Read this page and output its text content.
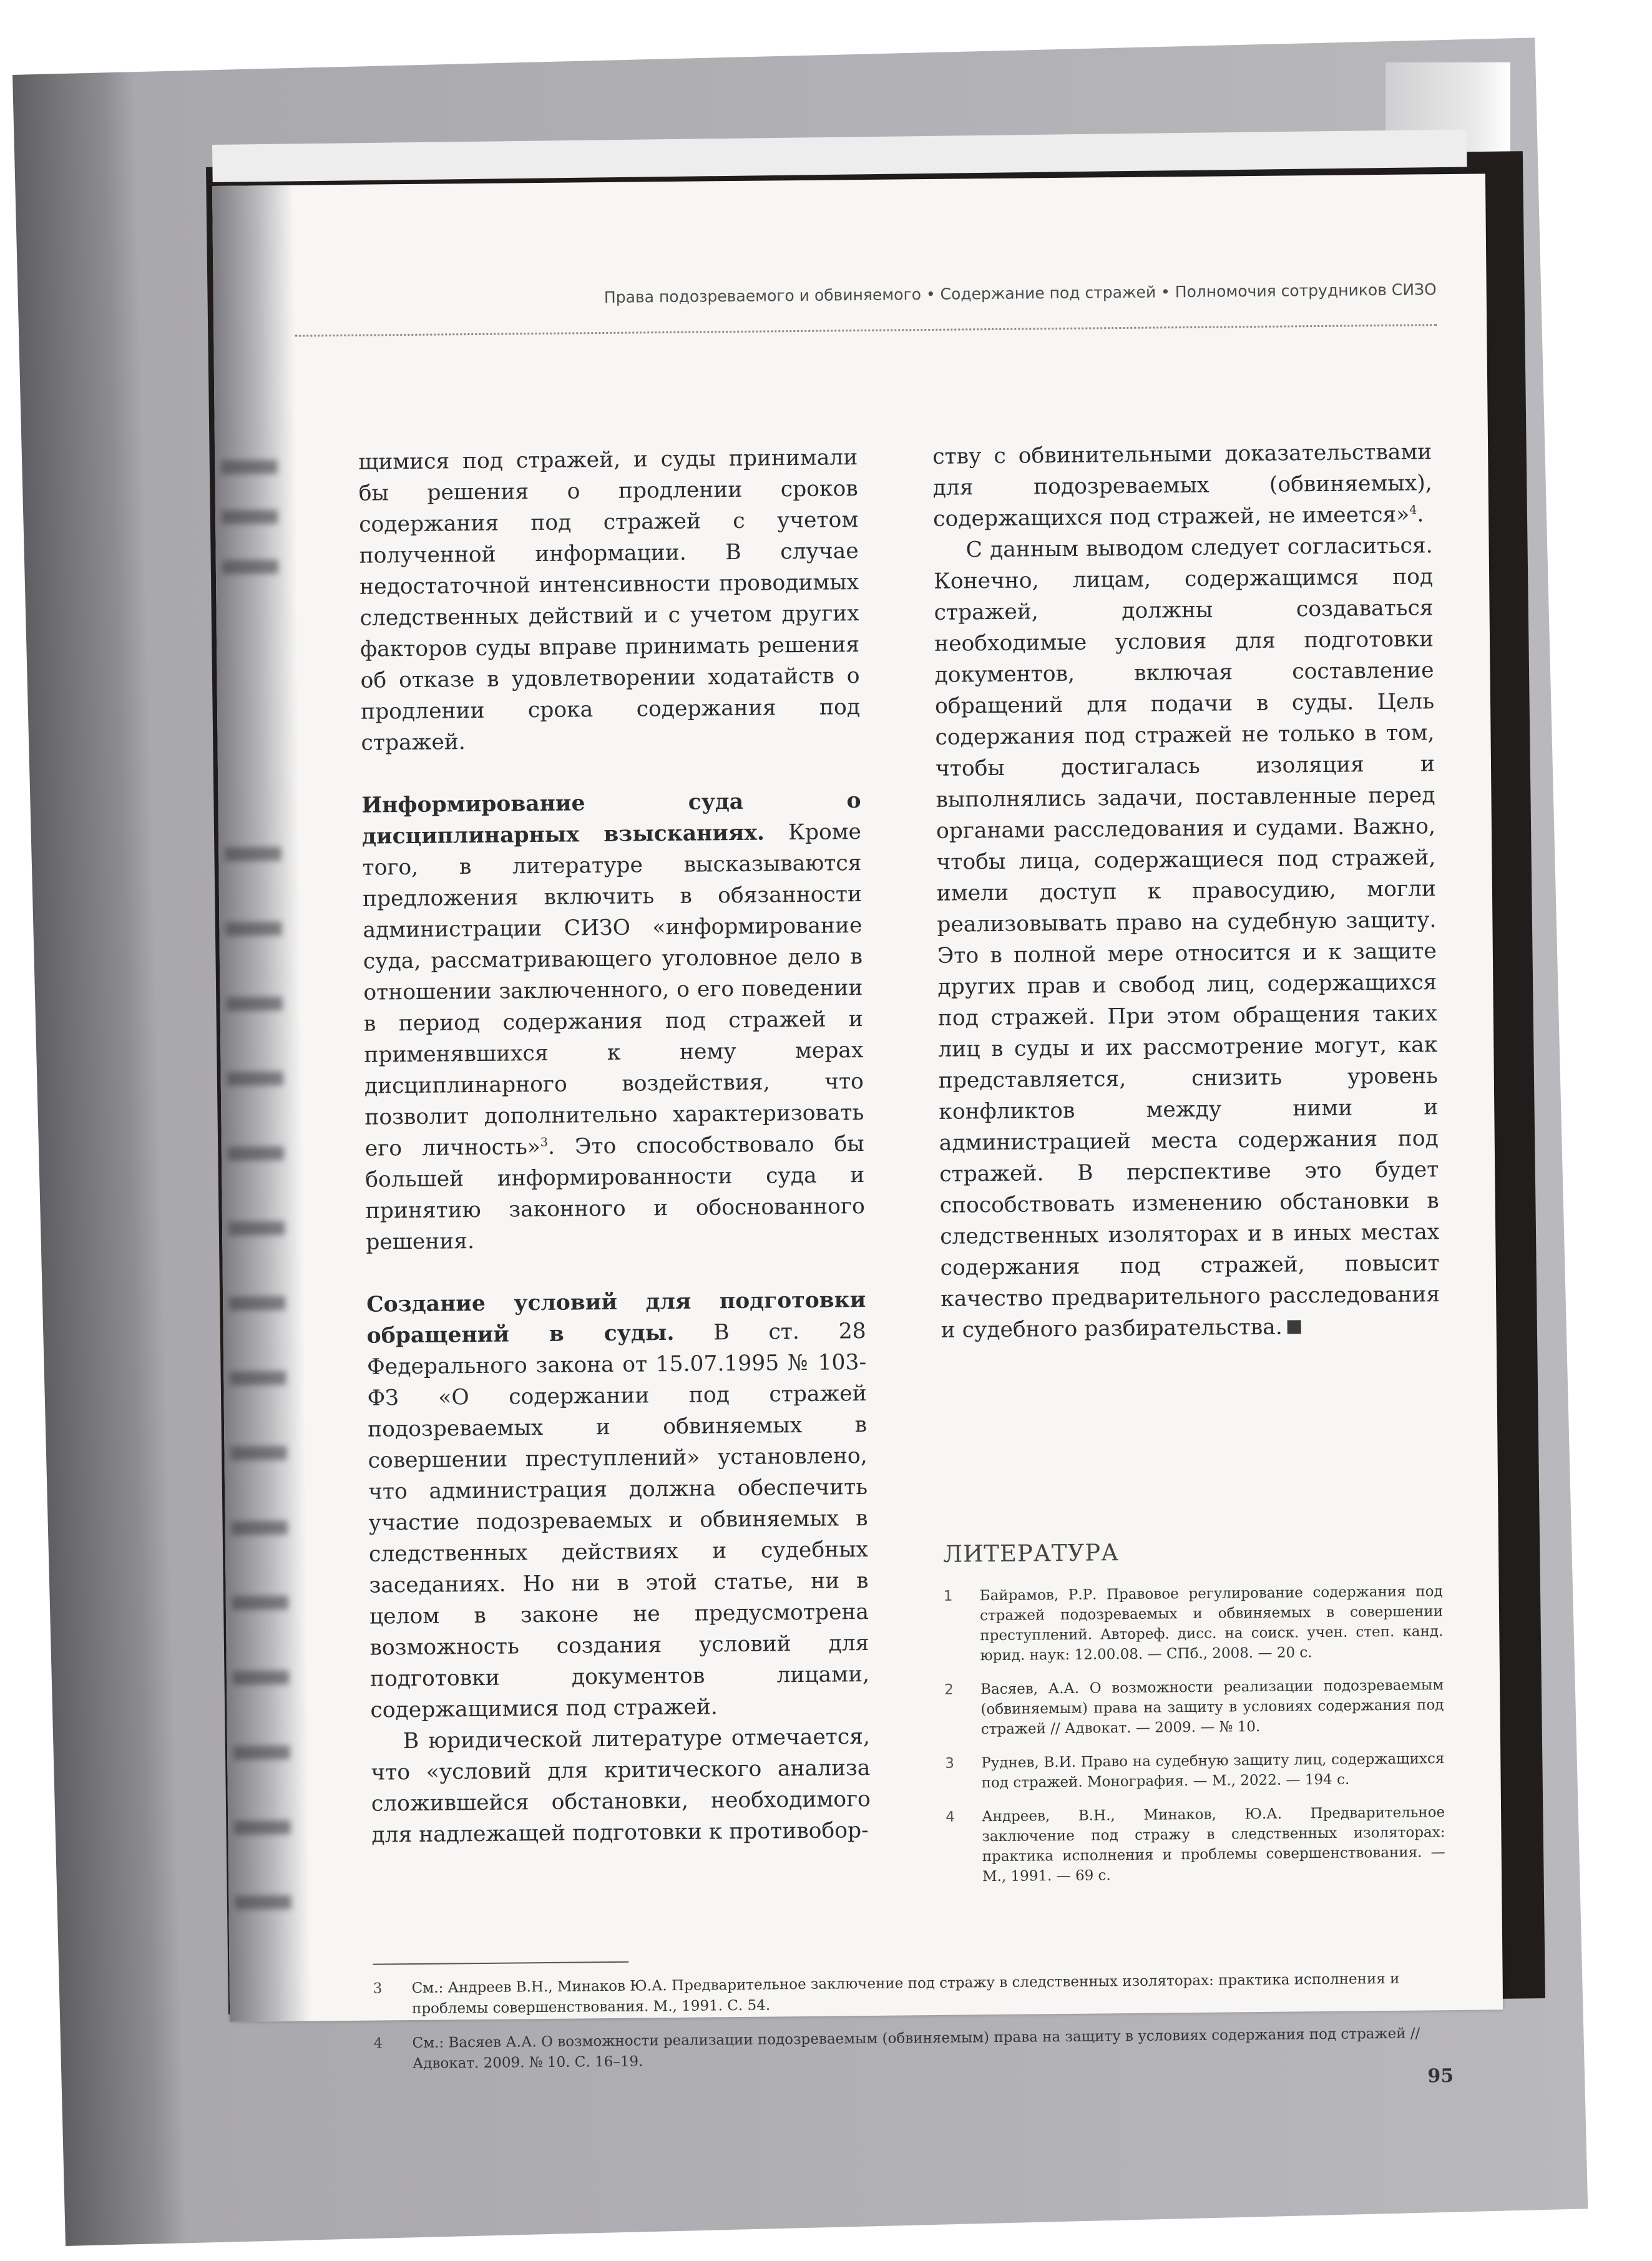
Права подозреваемого и обвиняемого • Содержание под стражей • Полномочия сотрудников СИЗО

щимися под стражей, и суды принимали бы решения о продлении сроков содержания под стражей с учетом полученной информации. В случае недостаточной интенсивности проводимых следственных действий и с учетом других факторов суды вправе принимать решения об отказе в удовлетворении ходатайств о продлении срока содержания под стражей.

Информирование суда о дисциплинарных взысканиях. Кроме того, в литературе высказываются предложения включить в обязанности администрации СИЗО «информирование суда, рассматривающего уголовное дело в отношении заключенного, о его поведении в период содержания под стражей и применявшихся к нему мерах дисциплинарного воздействия, что позволит дополнительно характеризовать его личность»$^3$. Это способствовало бы большей информированности суда и принятию законного и обоснованного решения.

Создание условий для подготовки обращений в суды. В ст. 28 Федерального закона от 15.07.1995 № 103-ФЗ «О содержании под стражей подозреваемых и обвиняемых в совершении преступлений» установлено, что администрация должна обеспечить участие подозреваемых и обвиняемых в следственных действиях и судебных заседаниях. Но ни в этой статье, ни в целом в законе не предусмотрена возможность создания условий для подготовки документов лицами, содержащимися под стражей.

В юридической литературе отмечается, что «условий для критического анализа сложившейся обстановки, необходимого для надлежащей подготовки к противобор-

ству с обвинительными доказательствами для подозреваемых (обвиняемых), содержащихся под стражей, не имеется»$^4$.

С данным выводом следует согласиться. Конечно, лицам, содержащимся под стражей, должны создаваться необходимые условия для подготовки документов, включая составление обращений для подачи в суды. Цель содержания под стражей не только в том, чтобы достигалась изоляция и выполнялись задачи, поставленные перед органами расследования и судами. Важно, чтобы лица, содержащиеся под стражей, имели доступ к правосудию, могли реализовывать право на судебную защиту. Это в полной мере относится и к защите других прав и свобод лиц, содержащихся под стражей. При этом обращения таких лиц в суды и их рассмотрение могут, как представляется, снизить уровень конфликтов между ними и администрацией места содержания под стражей. В перспективе это будет способствовать изменению обстановки в следственных изоляторах и в иных местах содержания под стражей, повысит качество предварительного расследования и судебного разбирательства.

ЛИТЕРАТУРА
1	Байрамов, Р.Р. Правовое регулирование содержания под стражей подозреваемых и обвиняемых в совершении преступлений. Автореф. дисс. на соиск. учен. степ. канд. юрид. наук: 12.00.08. — СПб., 2008. — 20 с.
2	Васяев, А.А. О возможности реализации подозреваемым (обвиняемым) права на защиту в условиях содержания под стражей // Адвокат. — 2009. — № 10.
3	Руднев, В.И. Право на судебную защиту лиц, содержащихся под стражей. Монография. — М., 2022. — 194 с.
4	Андреев, В.Н., Минаков, Ю.А. Предварительное заключение под стражу в следственных изоляторах: практика исполнения и проблемы совершенствования. — М., 1991. — 69 с.
3	См.: Андреев В.Н., Минаков Ю.А. Предварительное заключение под стражу в следственных изоляторах: практика исполнения и проблемы совершенствования. М., 1991. С. 54.
4	См.: Васяев А.А. О возможности реализации подозреваемым (обвиняемым) права на защиту в условиях содержания под стражей // Адвокат. 2009. № 10. С. 16–19.
95
